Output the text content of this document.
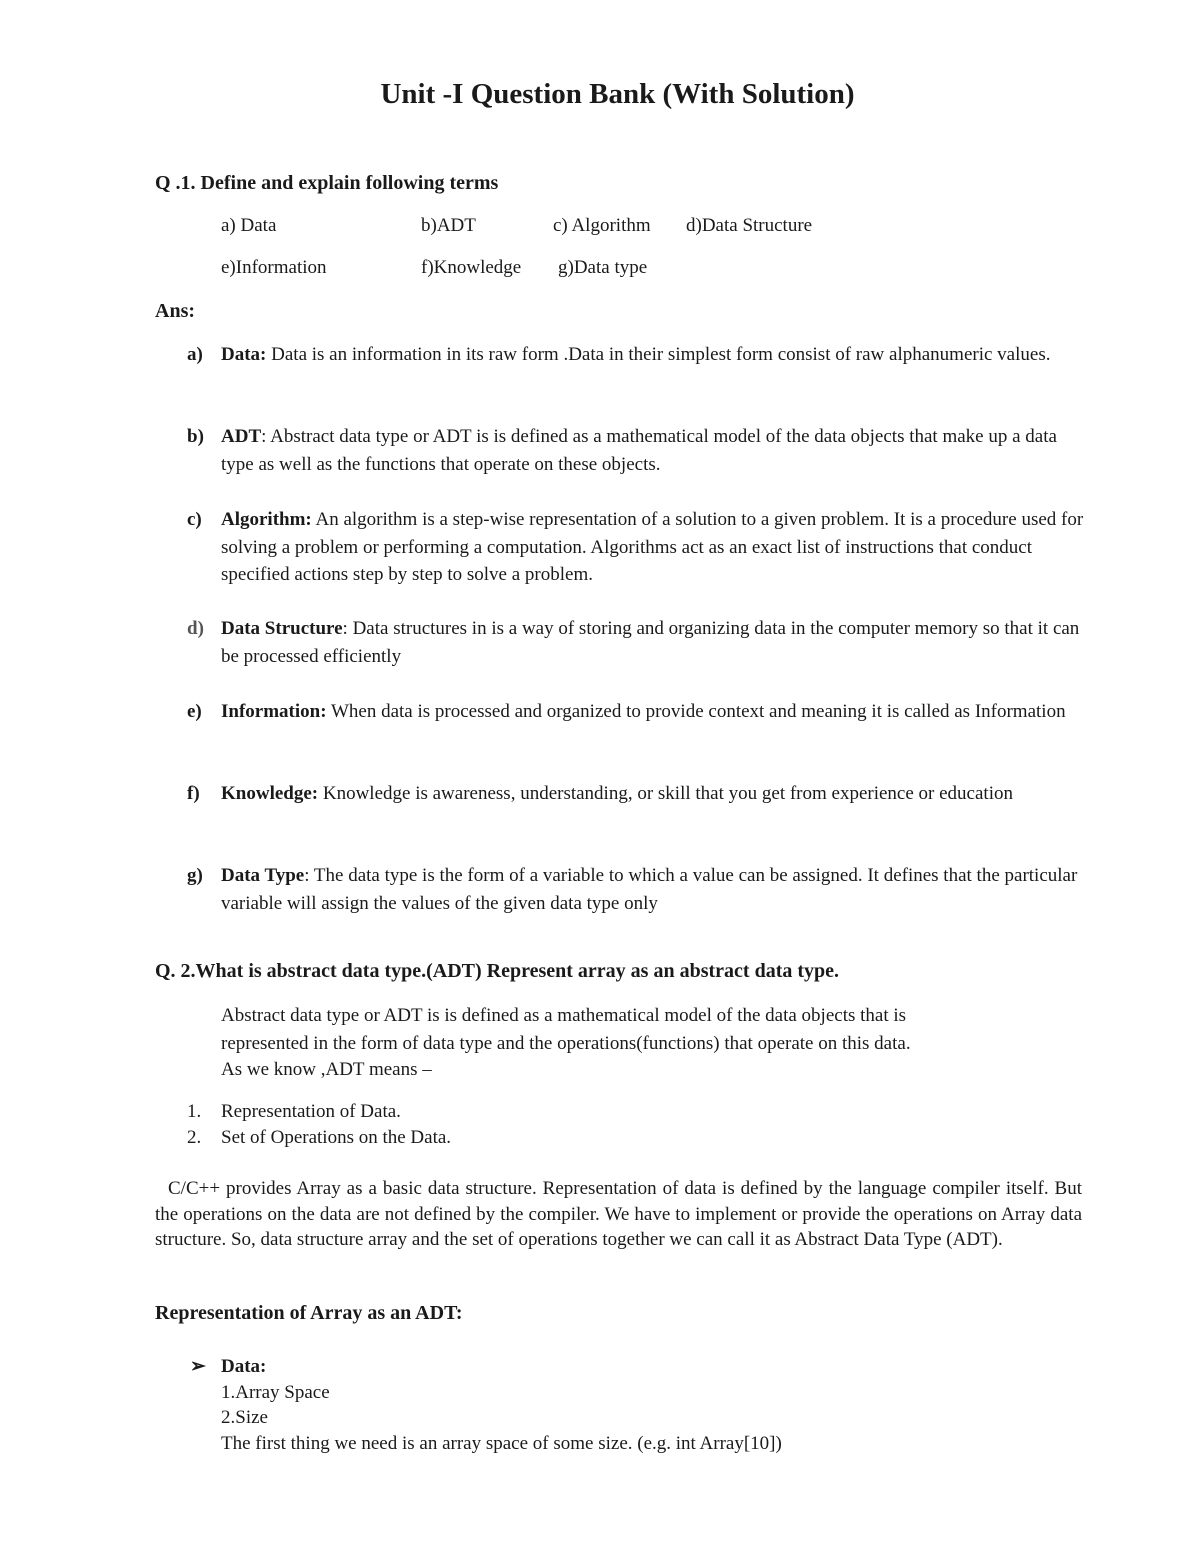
Unit -I Question Bank (With Solution)
Q .1. Define and explain following terms
a) Data	b)ADT	c) Algorithm d)Data Structure
e)Information	f)Knowledge g)Data type
Ans:
a) Data: Data is an information in its raw form .Data in their simplest form consist of raw alphanumeric values.
b) ADT: Abstract data type or ADT is is defined as a mathematical model of the data objects that make up a data type as well as the functions that operate on these objects.
c) Algorithm: An algorithm is a step-wise representation of a solution to a given problem. It is a procedure used for solving a problem or performing a computation. Algorithms act as an exact list of instructions that conduct specified actions step by step to solve a problem.
d) Data Structure: Data structures in is a way of storing and organizing data in the computer memory so that it can be processed efficiently
e) Information: When data is processed and organized to provide context and meaning it is called as Information
f) Knowledge: Knowledge is awareness, understanding, or skill that you get from experience or education
g) Data Type: The data type is the form of a variable to which a value can be assigned. It defines that the particular variable will assign the values of the given data type only
Q. 2.What is abstract data type.(ADT) Represent array as an abstract data type.
Abstract data type or ADT is is defined as a mathematical model of the data objects that is
represented in the form of data type and the operations(functions) that operate on this data.
As we know ,ADT means –
1. Representation of Data.
2. Set of Operations on the Data.
C/C++ provides Array as a basic data structure. Representation of data is defined by the language compiler itself. But the operations on the data are not defined by the compiler. We have to implement or provide the operations on Array data structure. So, data structure array and the set of operations together we can call it as Abstract Data Type (ADT).
Representation of Array as an ADT:
➢ Data:
1.Array Space
2.Size
The first thing we need is an array space of some size. (e.g. int Array[10])
